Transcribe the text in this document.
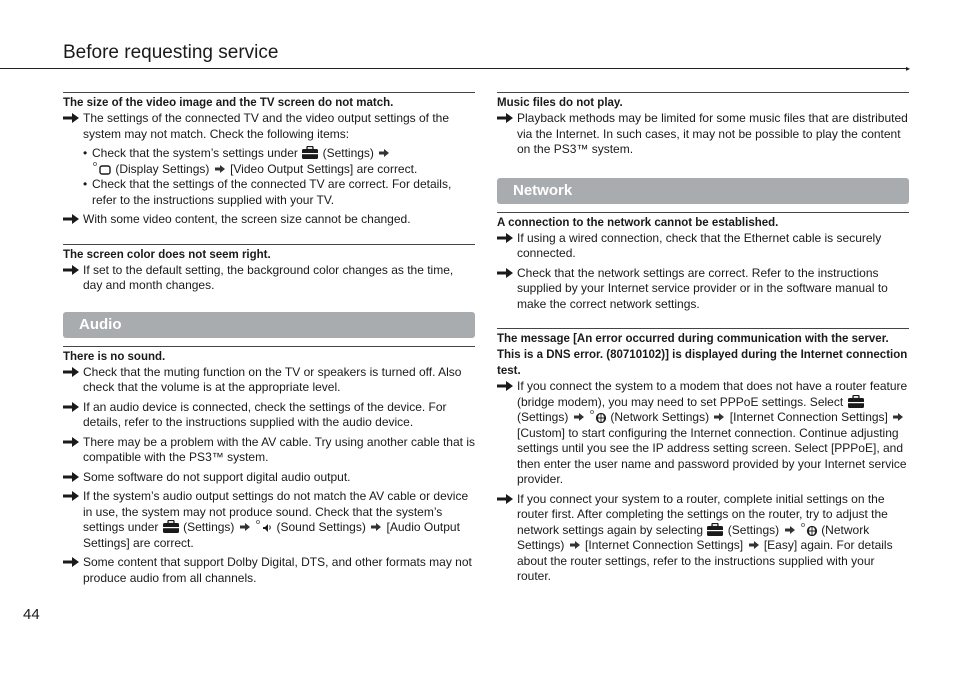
Before requesting service
▸
The size of the video image and the TV screen do not match.
The settings of the connected TV and the video output settings of the system may not match. Check the following items:
• Check that the system’s settings under (Settings)
(Display Settings) [Video Output Settings] are correct.
• Check that the settings of the connected TV are correct. For details, refer to the instructions supplied with your TV.
With some video content, the screen size cannot be changed.
The screen color does not seem right.
If set to the default setting, the background color changes as the time, day and month changes.
Audio
There is no sound.
Check that the muting function on the TV or speakers is turned off. Also check that the volume is at the appropriate level.
If an audio device is connected, check the settings of the device. For details, refer to the instructions supplied with the audio device.
There may be a problem with the AV cable. Try using another cable that is compatible with the PS3™ system.
Some software do not support digital audio output.
If the system’s audio output settings do not match the AV cable or device in use, the system may not produce sound. Check that the system’s settings under (Settings)	(Sound Settings) [Audio Output Settings] are correct.
Some content that support Dolby Digital, DTS, and other formats may not produce audio from all channels.
Music files do not play.
Playback methods may be limited for some music files that are distributed via the Internet. In such cases, it may not be possible to play the content on the PS3™ system.
Network
A connection to the network cannot be established.
If using a wired connection, check that the Ethernet cable is securely connected.
Check that the network settings are correct. Refer to the instructions supplied by your Internet service provider or in the software manual to make the correct network settings.
The message [An error occurred during communication with the server. This is a DNS error. (80710102)] is displayed during the Internet connection test.
If you connect the system to a modem that does not have a router feature (bridge modem), you may need to set PPPoE settings. Select  (Settings)	(Network Settings) [Internet Connection Settings]  [Custom] to start configuring the Internet connection. Continue adjusting settings until you see the IP address setting screen. Select [PPPoE], and then enter the user name and password provided by your Internet service provider.
If you connect your system to a router, complete initial settings on the router first. After completing the settings on the router, try to adjust the network settings again by selecting (Settings)	(Network Settings) [Internet Connection Settings] [Easy] again. For details about the router settings, refer to the instructions supplied with your router.
44
